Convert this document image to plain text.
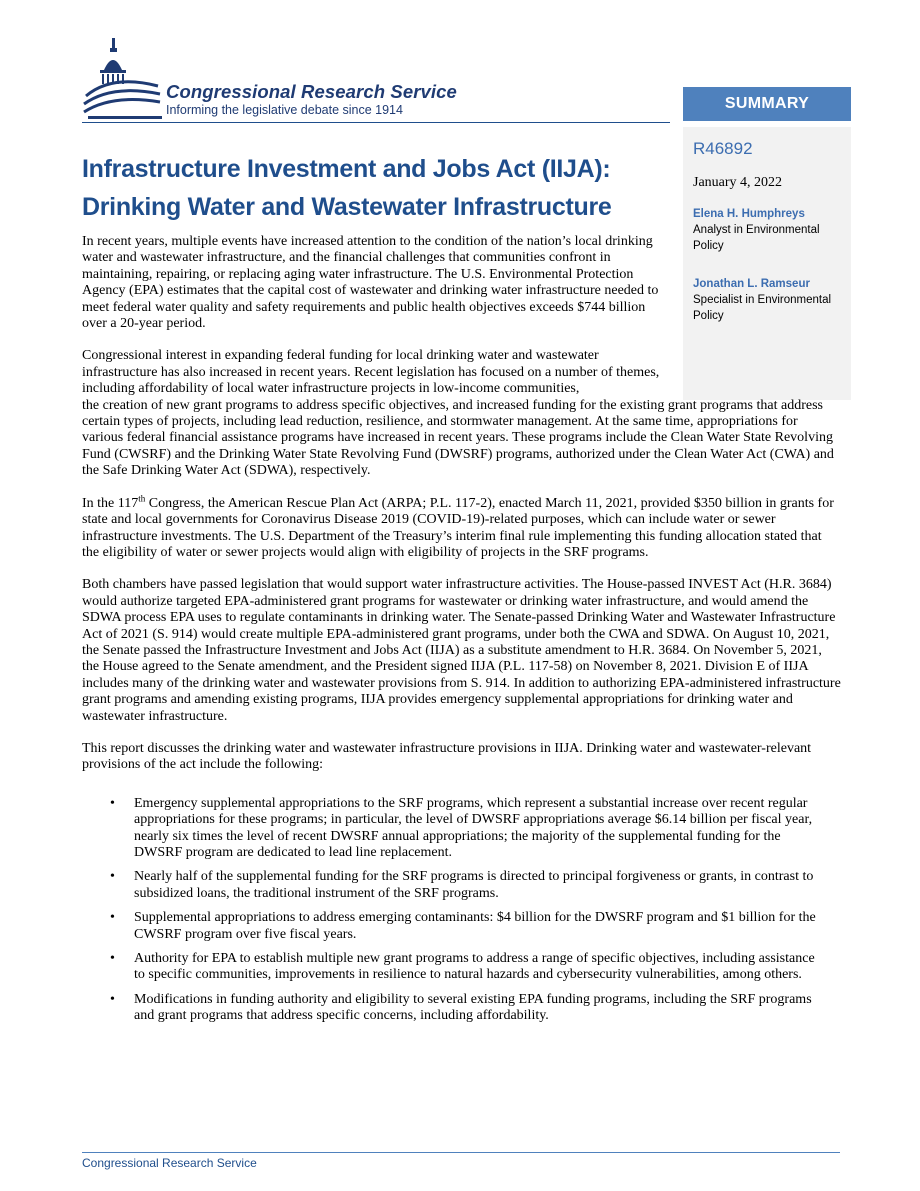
Congressional Research Service
Informing the legislative debate since 1914	SUMMARY
R46892
January 4, 2022
Elena H. Humphreys
Analyst in Environmental Policy
Jonathan L. Ramseur
Specialist in Environmental Policy
Infrastructure Investment and Jobs Act (IIJA):
Drinking Water and Wastewater Infrastructure

In recent years, multiple events have increased attention to the condition of the nation’s local drinking water and wastewater infrastructure, and the financial challenges that communities confront in maintaining, repairing, or replacing aging water infrastructure. The U.S. Environmental Protection Agency (EPA) estimates that the capital cost of wastewater and drinking water infrastructure needed to meet federal water quality and safety requirements and public health objectives exceeds $744 billion over a 20-year period.

Congressional interest in expanding federal funding for local drinking water and wastewater infrastructure has also increased in recent years. Recent legislation has focused on a number of themes, including affordability of local water infrastructure projects in low-income communities,
the creation of new grant programs to address specific objectives, and increased funding for the existing grant programs that address certain types of projects, including lead reduction, resilience, and stormwater management. At the same time, appropriations for various federal financial assistance programs have increased in recent years. These programs include the Clean Water State Revolving Fund (CWSRF) and the Drinking Water State Revolving Fund (DWSRF) programs, authorized under the Clean Water Act (CWA) and the Safe Drinking Water Act (SDWA), respectively.

In the 117th Congress, the American Rescue Plan Act (ARPA; P.L. 117-2), enacted March 11, 2021, provided $350 billion in grants for state and local governments for Coronavirus Disease 2019 (COVID-19)-related purposes, which can include water or sewer infrastructure investments. The U.S. Department of the Treasury’s interim final rule implementing this funding allocation stated that the eligibility of water or sewer projects would align with eligibility of projects in the SRF programs.

Both chambers have passed legislation that would support water infrastructure activities. The House-passed INVEST Act (H.R. 3684) would authorize targeted EPA-administered grant programs for wastewater or drinking water infrastructure, and would amend the SDWA process EPA uses to regulate contaminants in drinking water. The Senate-passed Drinking Water and Wastewater Infrastructure Act of 2021 (S. 914) would create multiple EPA-administered grant programs, under both the CWA and SDWA. On August 10, 2021, the Senate passed the Infrastructure Investment and Jobs Act (IIJA) as a substitute amendment to H.R. 3684. On November 5, 2021, the House agreed to the Senate amendment, and the President signed IIJA (P.L. 117-58) on November 8, 2021. Division E of IIJA includes many of the drinking water and wastewater provisions from S. 914. In addition to authorizing EPA-administered infrastructure grant programs and amending existing programs, IIJA provides emergency supplemental appropriations for drinking water and wastewater infrastructure.

This report discusses the drinking water and wastewater infrastructure provisions in IIJA. Drinking water and wastewater-relevant provisions of the act include the following:

• Emergency supplemental appropriations to the SRF programs, which represent a substantial increase over recent regular appropriations for these programs; in particular, the level of DWSRF appropriations average $6.14 billion per fiscal year, nearly six times the level of recent DWSRF annual appropriations; the majority of the supplemental funding for the DWSRF program are dedicated to lead line replacement.
• Nearly half of the supplemental funding for the SRF programs is directed to principal forgiveness or grants, in contrast to subsidized loans, the traditional instrument of the SRF programs.
• Supplemental appropriations to address emerging contaminants: $4 billion for the DWSRF program and $1 billion for the CWSRF program over five fiscal years.
• Authority for EPA to establish multiple new grant programs to address a range of specific objectives, including assistance to specific communities, improvements in resilience to natural hazards and cybersecurity vulnerabilities, among others.
• Modifications in funding authority and eligibility to several existing EPA funding programs, including the SRF programs and grant programs that address specific concerns, including affordability.
Congressional Research Service
